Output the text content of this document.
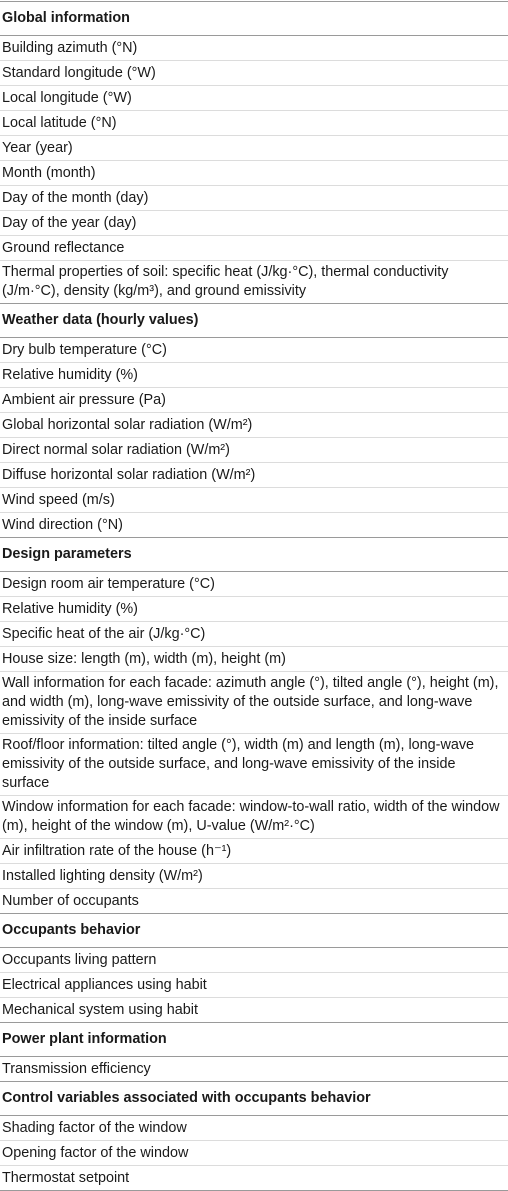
Global information
Building azimuth (°N)
Standard longitude (°W)
Local longitude (°W)
Local latitude (°N)
Year (year)
Month (month)
Day of the month (day)
Day of the year (day)
Ground reflectance
Thermal properties of soil: specific heat (J/kg·°C), thermal conductivity (J/m·°C), density (kg/m³), and ground emissivity
Weather data (hourly values)
Dry bulb temperature (°C)
Relative humidity (%)
Ambient air pressure (Pa)
Global horizontal solar radiation (W/m²)
Direct normal solar radiation (W/m²)
Diffuse horizontal solar radiation (W/m²)
Wind speed (m/s)
Wind direction (°N)
Design parameters
Design room air temperature (°C)
Relative humidity (%)
Specific heat of the air (J/kg·°C)
House size: length (m), width (m), height (m)
Wall information for each facade: azimuth angle (°), tilted angle (°), height (m), and width (m), long-wave emissivity of the outside surface, and long-wave emissivity of the inside surface
Roof/floor information: tilted angle (°), width (m) and length (m), long-wave emissivity of the outside surface, and long-wave emissivity of the inside surface
Window information for each facade: window-to-wall ratio, width of the window (m), height of the window (m), U-value (W/m²·°C)
Air infiltration rate of the house (h⁻¹)
Installed lighting density (W/m²)
Number of occupants
Occupants behavior
Occupants living pattern
Electrical appliances using habit
Mechanical system using habit
Power plant information
Transmission efficiency
Control variables associated with occupants behavior
Shading factor of the window
Opening factor of the window
Thermostat setpoint
